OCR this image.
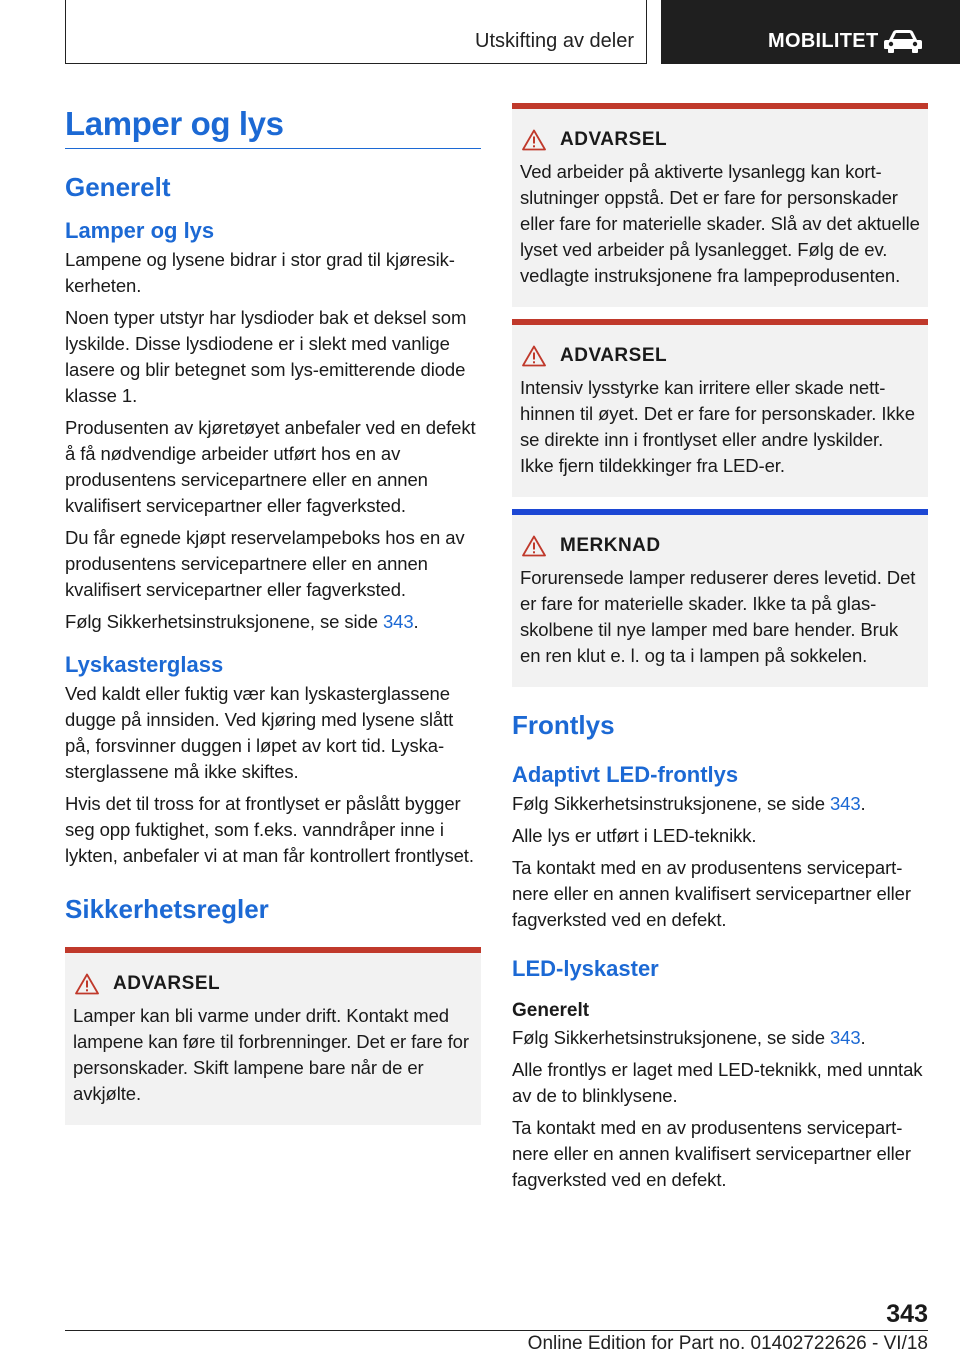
Utskifting av deler	MOBILITET
Lamper og lys
Generelt
Lamper og lys
Lampene og lysene bidrar i stor grad til kjøresikkerheten.
Noen typer utstyr har lysdioder bak et deksel som lyskilde. Disse lysdiodene er i slekt med vanlige lasere og blir betegnet som lys-emitterende diode klasse 1.
Produsenten av kjøretøyet anbefaler ved en defekt å få nødvendige arbeider utført hos en av produsentens servicepartnere eller en annen kvalifisert servicepartner eller fagverksted.
Du får egnede kjøpt reservelampeboks hos en av produsentens servicepartnere eller en annen kvalifisert servicepartner eller fagverksted.
Følg Sikkerhetsinstruksjonene, se side 343.
Lyskasterglass
Ved kaldt eller fuktig vær kan lyskasterglassene dugge på innsiden. Ved kjøring med lysene slått på, forsvinner duggen i løpet av kort tid. Lyskasterglassene må ikke skiftes.
Hvis det til tross for at frontlyset er påslått bygger seg opp fuktighet, som f.eks. vanndråper inne i lykten, anbefaler vi at man får kontrollert frontlyset.
Sikkerhetsregler
ADVARSEL
Lamper kan bli varme under drift. Kontakt med lampene kan føre til forbrenninger. Det er fare for personskader. Skift lampene bare når de er avkjølte.
ADVARSEL
Ved arbeider på aktiverte lysanlegg kan kortslutninger oppstå. Det er fare for personskader eller fare for materielle skader. Slå av det aktuelle lyset ved arbeider på lysanlegget. Følg de ev. vedlagte instruksjonene fra lampeprodusenten.
ADVARSEL
Intensiv lysstyrke kan irritere eller skade netthinnen til øyet. Det er fare for personskader. Ikke se direkte inn i frontlyset eller andre lyskilder. Ikke fjern tildekkinger fra LED-er.
MERKNAD
Forurensede lamper reduserer deres levetid. Det er fare for materielle skader. Ikke ta på glasskolbene til nye lamper med bare hender. Bruk en ren klut e. l. og ta i lampen på sokkelen.
Frontlys
Adaptivt LED-frontlys
Følg Sikkerhetsinstruksjonene, se side 343.
Alle lys er utført i LED-teknikk.
Ta kontakt med en av produsentens servicepartnere eller en annen kvalifisert servicepartner eller fagverksted ved en defekt.
LED-lyskaster
Generelt
Følg Sikkerhetsinstruksjonene, se side 343.
Alle frontlys er laget med LED-teknikk, med unntak av de to blinklysene.
Ta kontakt med en av produsentens servicepartnere eller en annen kvalifisert servicepartner eller fagverksted ved en defekt.
343
Online Edition for Part no. 01402722626 - VI/18
